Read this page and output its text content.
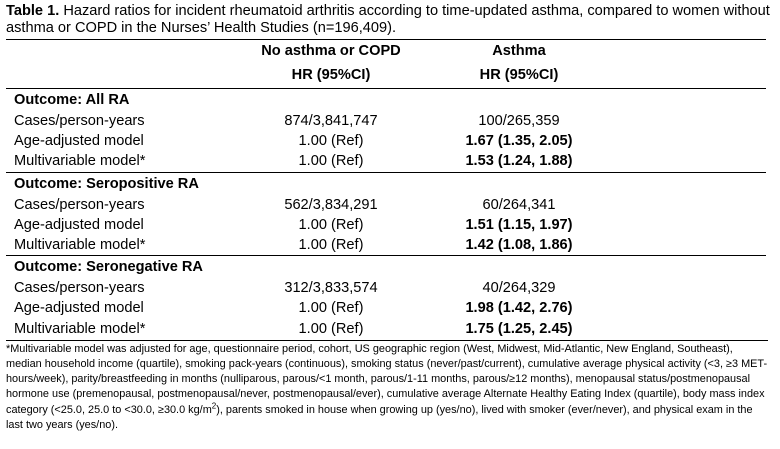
Table 1. Hazard ratios for incident rheumatoid arthritis according to time-updated asthma, compared to women without asthma or COPD in the Nurses’ Health Studies (n=196,409).

	No asthma or COPD	Asthma	
	HR (95%CI)	HR (95%CI)	
Outcome: All RA			
Cases/person-years	874/3,841,747	100/265,359	
Age-adjusted model	1.00 (Ref)	1.67 (1.35, 2.05)	
Multivariable model*	1.00 (Ref)	1.53 (1.24, 1.88)	
Outcome: Seropositive RA			
Cases/person-years	562/3,834,291	60/264,341	
Age-adjusted model	1.00 (Ref)	1.51 (1.15, 1.97)	
Multivariable model*	1.00 (Ref)	1.42 (1.08, 1.86)	
Outcome: Seronegative RA			
Cases/person-years	312/3,833,574	40/264,329	
Age-adjusted model	1.00 (Ref)	1.98 (1.42, 2.76)	
Multivariable model*	1.00 (Ref)	1.75 (1.25, 2.45)	
*Multivariable model was adjusted for age, questionnaire period, cohort, US geographic region (West, Midwest, Mid-Atlantic, New England, Southeast), median household income (quartile), smoking pack-years (continuous), smoking status (never/past/current), cumulative average physical activity (<3, ≥3 MET-hours/week), parity/breastfeeding in months (nulliparous, parous/<1 month, parous/1-11 months, parous/≥12 months), menopausal status/postmenopausal hormone use (premenopausal, postmenopausal/never, postmenopausal/ever), cumulative average Alternate Healthy Eating Index (quartile), body mass index category (<25.0, 25.0 to <30.0, ≥30.0 $kg/m^2$), parents smoked in house when growing up (yes/no), lived with smoker (ever/never), and physical exam in the last two years (yes/no).
